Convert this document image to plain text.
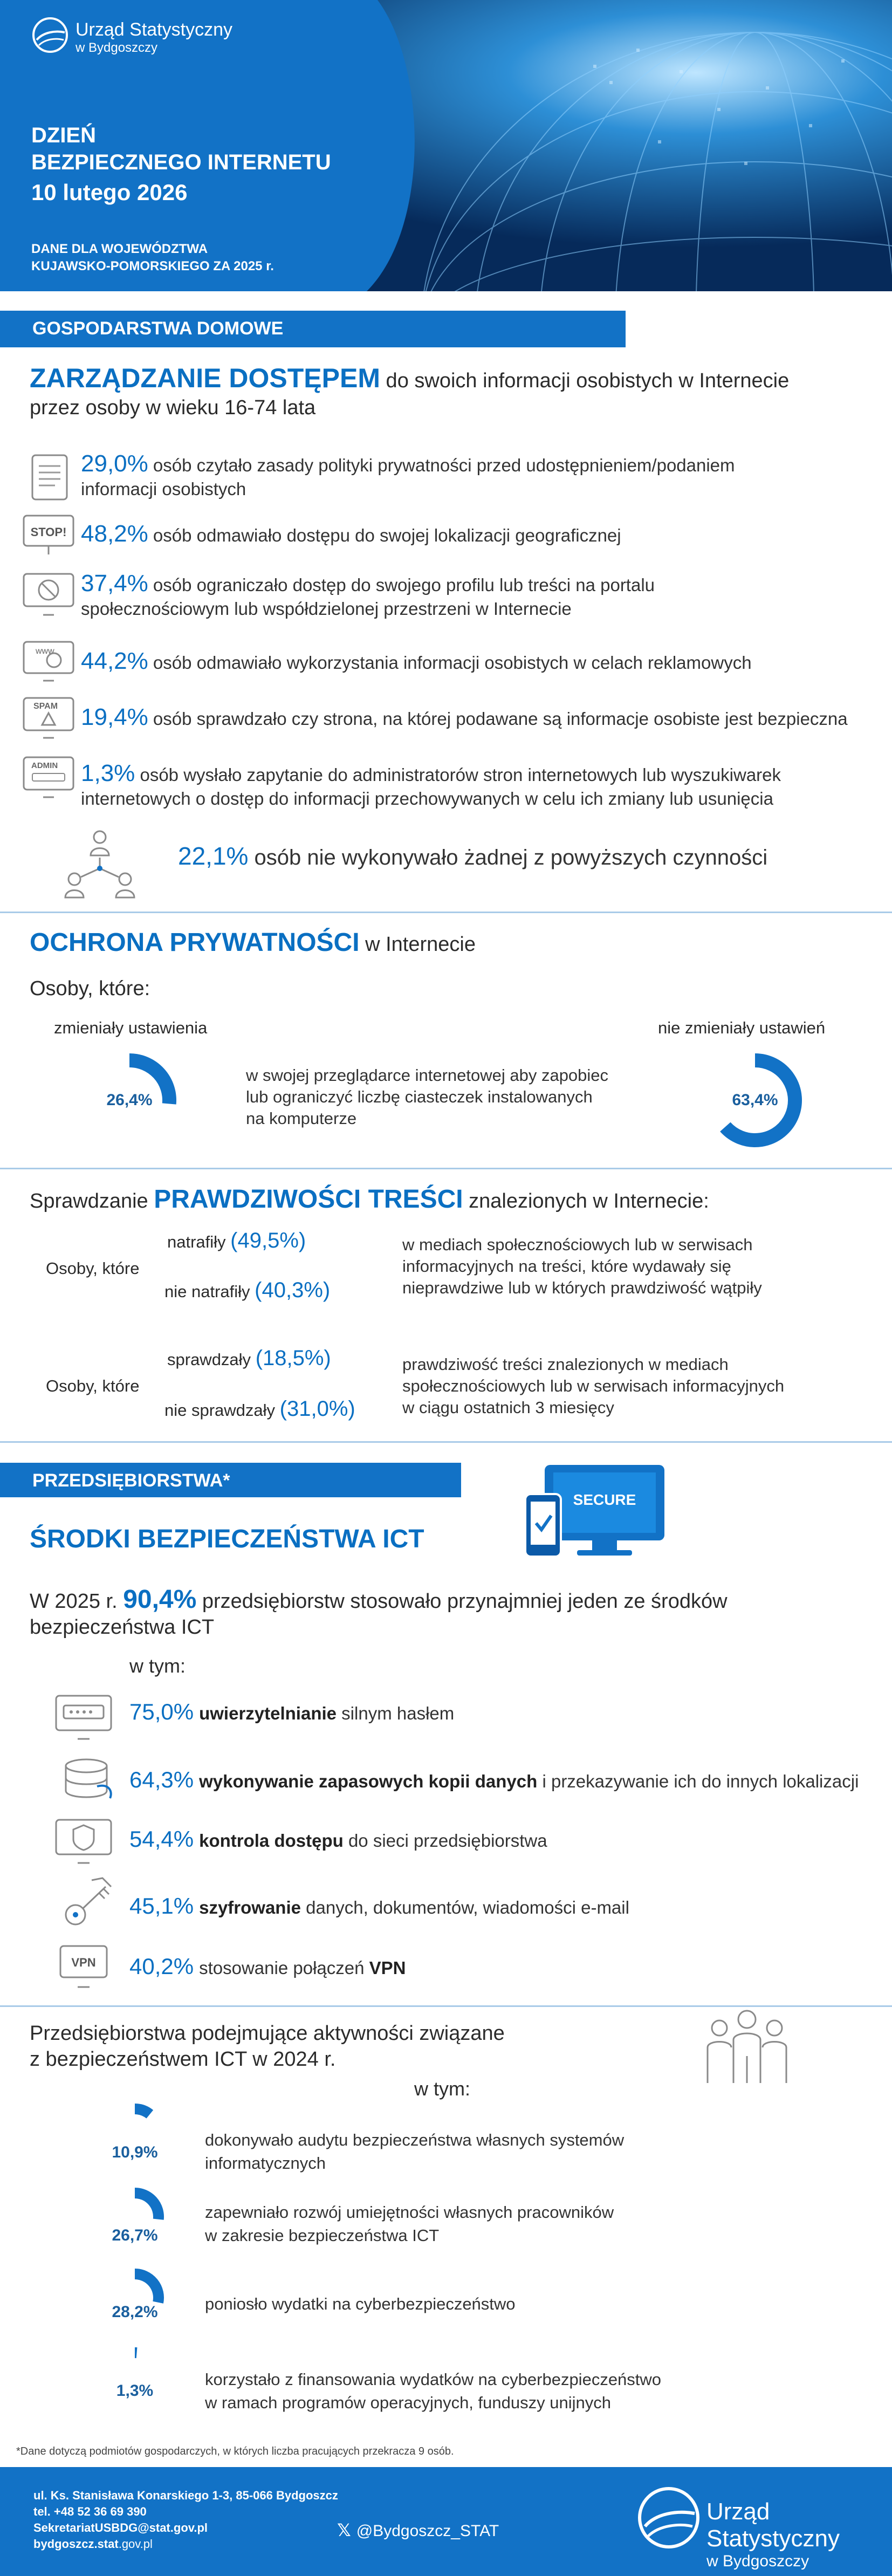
Urząd Statystyczny
w Bydgoszczy
DZIEŃ
BEZPIECZNEGO INTERNETU
10 lutego 2026
DANE DLA WOJEWÓDZTWA
KUJAWSKO-POMORSKIEGO ZA 2025 r.
GOSPODARSTWA DOMOWE
ZARZĄDZANIE DOSTĘPEM do swoich informacji osobistych w Internecie
przez osoby w wieku 16-74 lata
STOP!
www
SPAM
ADMIN
29,0% osób czytało zasady polityki prywatności przed udostępnieniem/podaniem
informacji osobistych
48,2% osób odmawiało dostępu do swojej lokalizacji geograficznej
37,4% osób ograniczało dostęp do swojego profilu lub treści na portalu
społecznościowym lub współdzielonej przestrzeni w Internecie
44,2% osób odmawiało wykorzystania informacji osobistych w celach reklamowych
19,4% osób sprawdzało czy strona, na której podawane są informacje osobiste jest bezpieczna
1,3% osób wysłało zapytanie do administratorów stron internetowych lub wyszukiwarek
internetowych o dostęp do informacji przechowywanych w celu ich zmiany lub usunięcia
22,1% osób nie wykonywało żadnej z powyższych czynności
OCHRONA PRYWATNOŚCI w Internecie
Osoby, które:
zmieniały ustawienia	nie zmieniały ustawień
26,4%
w swojej przeglądarce internetowej aby zapobiec
lub ograniczyć liczbę ciasteczek instalowanych
na komputerze
63,4%
Sprawdzanie PRAWDZIWOŚCI TREŚCI znalezionych w Internecie:
Osoby, które
natrafiły (49,5%)
nie natrafiły (40,3%)
w mediach społecznościowych lub w serwisach
informacyjnych na treści, które wydawały się
nieprawdziwe lub w których prawdziwość wątpiły
Osoby, które
sprawdzały (18,5%)
nie sprawdzały (31,0%)
prawdziwość treści znalezionych w mediach
społecznościowych lub w serwisach informacyjnych
w ciągu ostatnich 3 miesięcy
PRZEDSIĘBIORSTWA*
SECURE
ŚRODKI BEZPIECZEŃSTWA ICT
W 2025 r. 90,4% przedsiębiorstw stosowało przynajmniej jeden ze środków
bezpieczeństwa ICT
w tym:
VPN
75,0% uwierzytelnianie silnym hasłem
64,3% wykonywanie zapasowych kopii danych i przekazywanie ich do innych lokalizacji
54,4% kontrola dostępu do sieci przedsiębiorstwa
45,1% szyfrowanie danych, dokumentów, wiadomości e-mail
40,2% stosowanie połączeń VPN
Przedsiębiorstwa podejmujące aktywności związane
z bezpieczeństwem ICT w 2024 r.
w tym:
10,9%
26,7%
28,2%
1,3%
dokonywało audytu bezpieczeństwa własnych systemów
informatycznych
zapewniało rozwój umiejętności własnych pracowników
w zakresie bezpieczeństwa ICT
poniosło wydatki na cyberbezpieczeństwo
korzystało z finansowania wydatków na cyberbezpieczeństwo
w ramach programów operacyjnych, funduszy unijnych
*Dane dotyczą podmiotów gospodarczych, w których liczba pracujących przekracza 9 osób.
ul. Ks. Stanisława Konarskiego 1-3, 85-066 Bydgoszcz
tel. +48 52 36 69 390
SekretariatUSBDG@stat.gov.pl
bydgoszcz.stat.gov.pl
𝕏 @Bydgoszcz_STAT
Urząd Statystyczny
w Bydgoszczy
